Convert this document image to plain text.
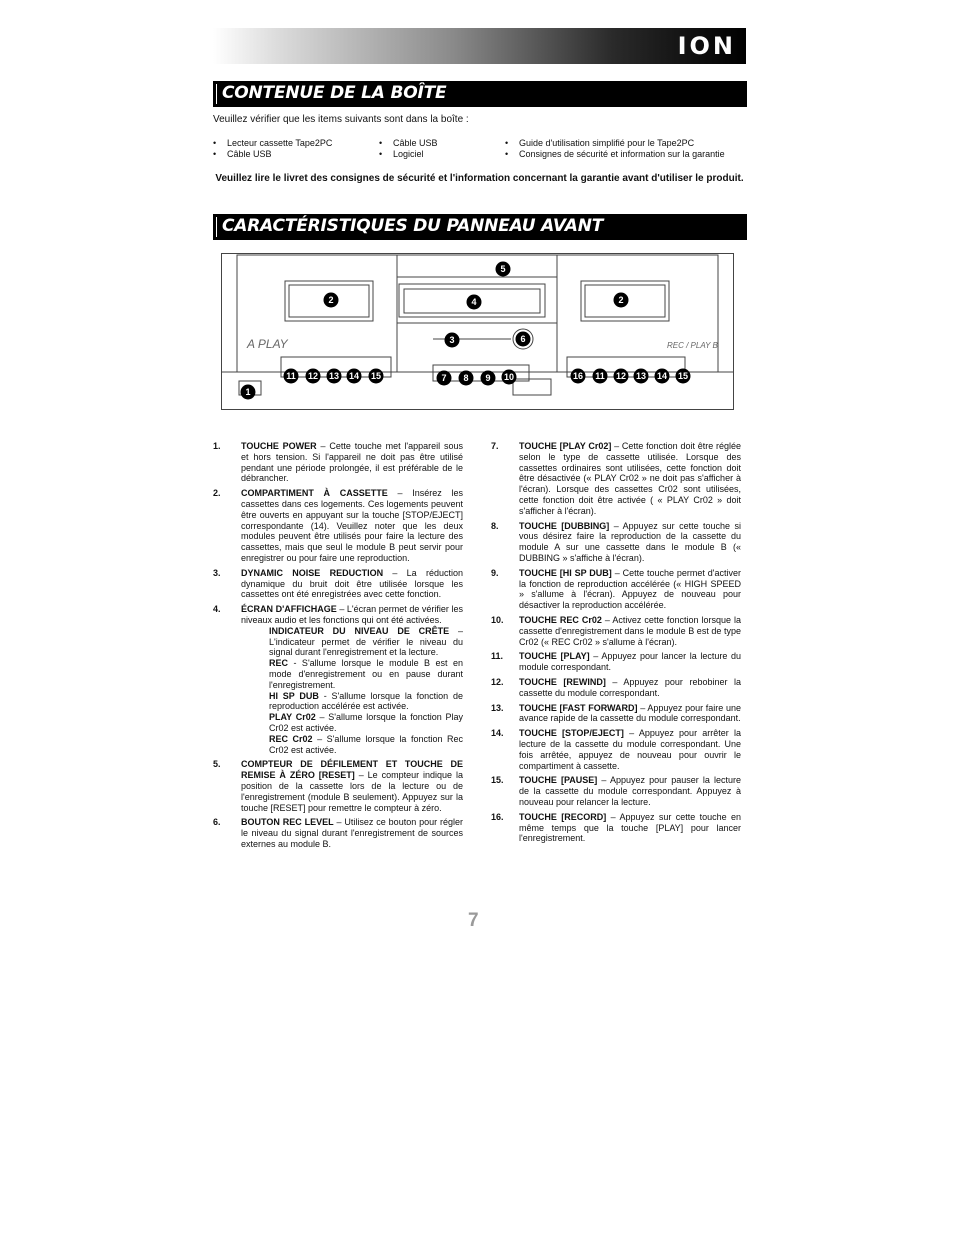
ION
CONTENUE DE LA BOÎTE
Veuillez vérifier que les items suivants sont dans la boîte :
• Lecteur cassette Tape2PC
• Câble USB
• Câble USB
• Logiciel
• Guide d'utilisation simplifié pour le Tape2PC
• Consignes de sécurité et information sur la garantie
Veuillez lire le livret des consignes de sécurité et l'information concernant la garantie avant d'utiliser le produit.
CARACTÉRISTIQUES DU PANNEAU AVANT
A PLAY	REC / PLAY B
1
2	2
3
4
5
6
7 8 9 10
11 12 13 14 15	16 11 12 13 14 15
1. TOUCHE POWER – Cette touche met l'appareil sous et hors tension. Si l'appareil ne doit pas être utilisé pendant une période prolongée, il est préférable de le débrancher.
2. COMPARTIMENT À CASSETTE – Insérez les cassettes dans ces logements. Ces logements peuvent être ouverts en appuyant sur la touche [STOP/EJECT] correspondante (14). Veuillez noter que les deux modules peuvent être utilisés pour faire la lecture des cassettes, mais que seul le module B peut servir pour enregistrer ou pour faire une reproduction.
3. DYNAMIC NOISE REDUCTION – La réduction dynamique du bruit doit être utilisée lorsque les cassettes ont été enregistrées avec cette fonction.
4. ÉCRAN D'AFFICHAGE – L'écran permet de vérifier les niveaux audio et les fonctions qui ont été activées.
INDICATEUR DU NIVEAU DE CRÊTE – L'indicateur permet de vérifier le niveau du signal durant l'enregistrement et la lecture.
REC - S'allume lorsque le module B est en mode d'enregistrement ou en pause durant l'enregistrement.
HI SP DUB - S'allume lorsque la fonction de reproduction accélérée est activée.
PLAY Cr02 – S'allume lorsque la fonction Play Cr02 est activée.
REC Cr02 – S'allume lorsque la fonction Rec Cr02 est activée.
5. COMPTEUR DE DÉFILEMENT ET TOUCHE DE REMISE À ZÉRO [RESET] – Le compteur indique la position de la cassette lors de la lecture ou de l'enregistrement (module B seulement). Appuyez sur la touche [RESET] pour remettre le compteur à zéro.
6. BOUTON REC LEVEL – Utilisez ce bouton pour régler le niveau du signal durant l'enregistrement de sources externes au module B.
7. TOUCHE [PLAY Cr02] – Cette fonction doit être réglée selon le type de cassette utilisée. Lorsque des cassettes ordinaires sont utilisées, cette fonction doit être désactivée (« PLAY Cr02 » ne doit pas s'afficher à l'écran). Lorsque des cassettes Cr02 sont utilisées, cette fonction doit être activée ( « PLAY Cr02 » doit s'afficher à l'écran).
8. TOUCHE [DUBBING] – Appuyez sur cette touche si vous désirez faire la reproduction de la cassette du module A sur une cassette dans le module B (« DUBBING » s'affiche à l'écran).
9. TOUCHE [HI SP DUB] – Cette touche permet d'activer la fonction de reproduction accélérée (« HIGH SPEED » s'allume à l'écran). Appuyez de nouveau pour désactiver la reproduction accélérée.
10. TOUCHE REC Cr02 – Activez cette fonction lorsque la cassette d'enregistrement dans le module B est de type Cr02 (« REC Cr02 » s'allume à l'écran).
11. TOUCHE [PLAY] – Appuyez pour lancer la lecture du module correspondant.
12. TOUCHE [REWIND] – Appuyez pour rebobiner la cassette du module correspondant.
13. TOUCHE [FAST FORWARD] – Appuyez pour faire une avance rapide de la cassette du module correspondant.
14. TOUCHE [STOP/EJECT] – Appuyez pour arrêter la lecture de la cassette du module correspondant. Une fois arrêtée, appuyez de nouveau pour ouvrir le compartiment à cassette.
15. TOUCHE [PAUSE] – Appuyez pour pauser la lecture de la cassette du module correspondant. Appuyez à nouveau pour relancer la lecture.
16. TOUCHE [RECORD] – Appuyez sur cette touche en même temps que la touche [PLAY] pour lancer l'enregistrement.
7
